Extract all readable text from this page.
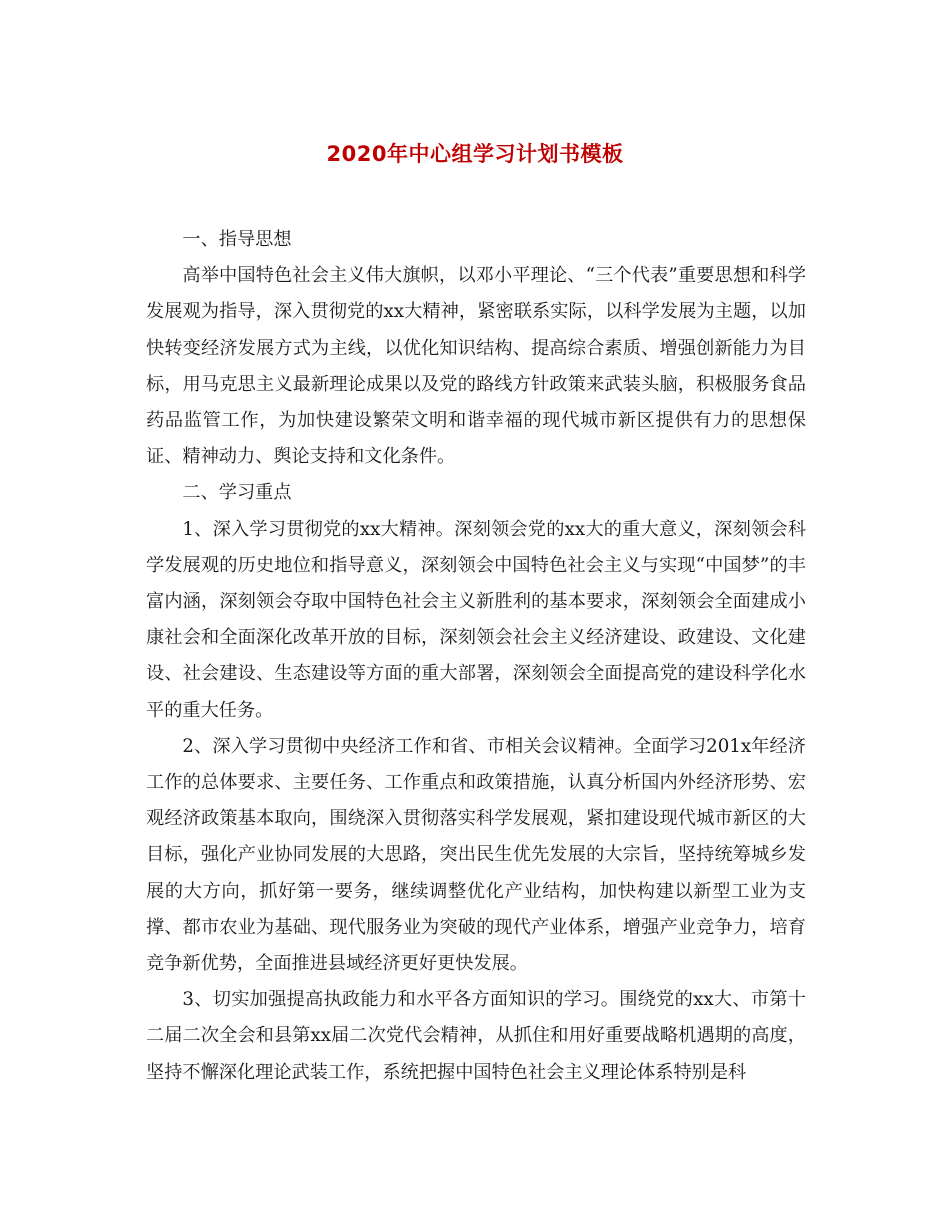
2020年中心组学习计划书模板

一、指导思想

高举中国特色社会主义伟大旗帜，以邓小平理论、“三个代表”重要思想和科学发展观为指导，深入贯彻党的xx大精神，紧密联系实际，以科学发展为主题，以加快转变经济发展方式为主线，以优化知识结构、提高综合素质、增强创新能力为目标，用马克思主义最新理论成果以及党的路线方针政策来武装头脑，积极服务食品药品监管工作，为加快建设繁荣文明和谐幸福的现代城市新区提供有力的思想保证、精神动力、舆论支持和文化条件。

二、学习重点

1、深入学习贯彻党的xx大精神。深刻领会党的xx大的重大意义，深刻领会科学发展观的历史地位和指导意义，深刻领会中国特色社会主义与实现“中国梦”的丰富内涵，深刻领会夺取中国特色社会主义新胜利的基本要求，深刻领会全面建成小康社会和全面深化改革开放的目标，深刻领会社会主义经济建设、政建设、文化建设、社会建设、生态建设等方面的重大部署，深刻领会全面提高党的建设科学化水平的重大任务。

2、深入学习贯彻中央经济工作和省、市相关会议精神。全面学习201x年经济工作的总体要求、主要任务、工作重点和政策措施，认真分析国内外经济形势、宏观经济政策基本取向，围绕深入贯彻落实科学发展观，紧扣建设现代城市新区的大目标，强化产业协同发展的大思路，突出民生优先发展的大宗旨，坚持统筹城乡发展的大方向，抓好第一要务，继续调整优化产业结构，加快构建以新型工业为支撑、都市农业为基础、现代服务业为突破的现代产业体系，增强产业竞争力，培育竞争新优势，全面推进县域经济更好更快发展。

3、切实加强提高执政能力和水平各方面知识的学习。围绕党的xx大、市第十二届二次全会和县第xx届二次党代会精神，从抓住和用好重要战略机遇期的高度，坚持不懈深化理论武装工作，系统把握中国特色社会主义理论体系特别是科
